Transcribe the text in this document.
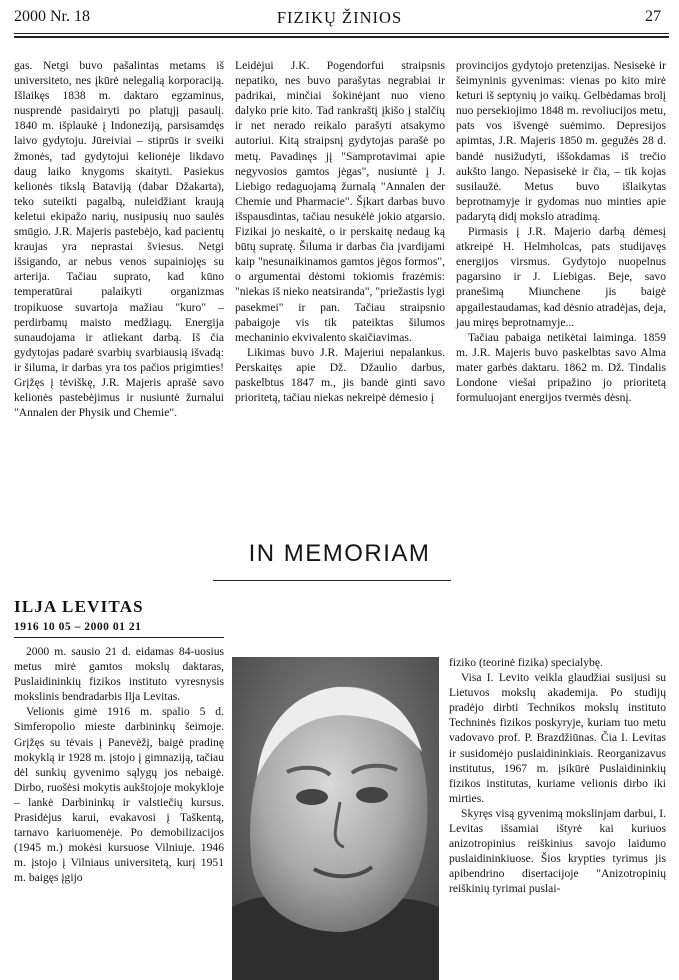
2000 Nr. 18	FIZIKŲ ŽINIOS	27

gas. Netgi buvo pašalintas metams iš universiteto, nes įkūrė nelegalią korporaciją. Išlaikęs 1838 m. daktaro egzaminus, nusprendė pasidairyti po platųjį pasaulį. 1840 m. išplaukė į Indoneziją, parsisamdęs laivo gydytoju. Jūreiviai – stiprūs ir sveiki žmonės, tad gydytojui kelionėje likdavo daug laiko knygoms skaityti. Pasiekus kelionės tikslą Bataviją (dabar Džakarta), teko suteikti pagalbą, nuleidžiant kraują keletui ekipažo narių, nusipusių nuo saulės smūgio. J.R. Majeris pastebėjo, kad pacientų kraujas yra neprastai šviesus. Netgi išsigando, ar nebus venos supainiojęs su arterija. Tačiau suprato, kad kūno temperatūrai palaikyti organizmas tropikuose suvartoja mažiau "kuro" – perdirbamų maisto medžiagų. Energija sunaudojama ir atliekant darbą. Iš čia gydytojas padarė svarbių svarbiausią išvadą: ir šiluma, ir darbas yra tos pačios prigimties! Grįžęs į tėviškę, J.R. Majeris aprašė savo kelionės pastebėjimus ir nusiuntė žurnalui "Annalen der Physik und Chemie".

Leidėjui J.K. Pogendorfui straipsnis nepatiko, nes buvo parašytas negrabiai ir padrikai, minčiai šokinėjant nuo vieno dalyko prie kito. Tad rankraštį įkišo į stalčių ir net nerado reikalo parašyti atsakymo autoriui. Kitą straipsnį gydytojas parašė po metų. Pavadinęs jį "Samprotavimai apie negyvosios gamtos jėgas", nusiuntė į J. Liebigo redaguojamą žurnalą "Annalen der Chemie und Pharmacie". Šįkart darbas buvo išspausdintas, tačiau nesukėlė jokio atgarsio. Fizikai jo neskaitė, o ir perskaitę nedaug ką būtų supratę. Šiluma ir darbas čia įvardijami kaip "nesunaikinamos gamtos jėgos formos", o argumentai dėstomi tokiomis frazėmis: "niekas iš nieko neatsiranda", "priežastis lygi pasekmei" ir pan. Tačiau straipsnio pabaigoje vis tik pateiktas šilumos mechaninio ekvivalento skaičiavimas.

Likimas buvo J.R. Majeriui nepalankus. Perskaitęs apie Dž. Džaulio darbus, paskelbtus 1847 m., jis bandė ginti savo prioritetą, tačiau niekas nekreipė dėmesio į

provincijos gydytojo pretenzijas. Nesisekė ir šeimyninis gyvenimas: vienas po kito mirė keturi iš septynių jo vaikų. Gelbėdamas brolį nuo persekiojimo 1848 m. revoliucijos metu, pats vos išvengė suėmimo. Depresijos apimtas, J.R. Majeris 1850 m. gegužės 28 d. bandė nusižudyti, iššokdamas iš trečio aukšto lango. Nepasisekė ir čia, – tik kojas susilaužė. Metus buvo išlaikytas beprotnamyje ir gydomas nuo minties apie padarytą didį mokslo atradimą.

Pirmasis į J.R. Majerio darbą dėmesį atkreipė H. Helmholcas, pats studijavęs energijos virsmus. Gydytojo nuopelnus pagarsino ir J. Liebigas. Beje, savo pranešimą Miunchene jis baigė apgailestaudamas, kad dėsnio atradėjas, deja, jau miręs beprotnamyje...

Tačiau pabaiga netikėtai laiminga. 1859 m. J.R. Majeris buvo paskelbtas savo Alma mater garbės daktaru. 1862 m. Dž. Tindalis Londone viešai pripažino jo prioritetą formuluojant energijos tvermės dėsnį.

IN MEMORIAM
ILJA LEVITAS
1916 10 05 – 2000 01 21

2000 m. sausio 21 d. eidamas 84-uosius metus mirė gamtos mokslų daktaras, Puslaidininkių fizikos instituto vyresnysis mokslinis bendradarbis Ilja Levitas.

Velionis gimė 1916 m. spalio 5 d. Simferopolio mieste darbininkų šeimoje. Grįžęs su tėvais į Panevėžį, baigė pradinę mokyklą ir 1928 m. įstojo į gimnaziją, tačiau dėl sunkių gyvenimo sąlygų jos nebaigė. Dirbo, ruošėsi mokytis aukštojoje mokykloje – lankė Darbininkų ir valstiečių kursus. Prasidėjus karui, evakavosi į Taškentą, tarnavo kariuomenėje. Po demobilizacijos (1945 m.) mokėsi kursuose Vilniuje. 1946 m. įstojo į Vilniaus universitetą, kurį 1951 m. baigęs įgijo

fiziko (teorinė fizika) specialybę.

Visa I. Levito veikla glaudžiai susijusi su Lietuvos mokslų akademija. Po studijų pradėjo dirbti Technikos mokslų instituto Techninės fizikos poskyryje, kuriam tuo metu vadovavo prof. P. Brazdžiūnas. Čia I. Levitas ir susidomėjo puslaidininkiais. Reorganizavus institutus, 1967 m. įsikūrė Puslaidininkių fizikos institutas, kuriame velionis dirbo iki mirties.

Skyręs visą gyvenimą mokslinjam darbui, I. Levitas išsamiai ištyrė kai kuriuos anizotropinius reiškinius savojo laidumo puslaidininkiuose. Šios krypties tyrimus jis apibendrino disertacijoje "Anizotropinių reiškinių tyrimai puslai-
